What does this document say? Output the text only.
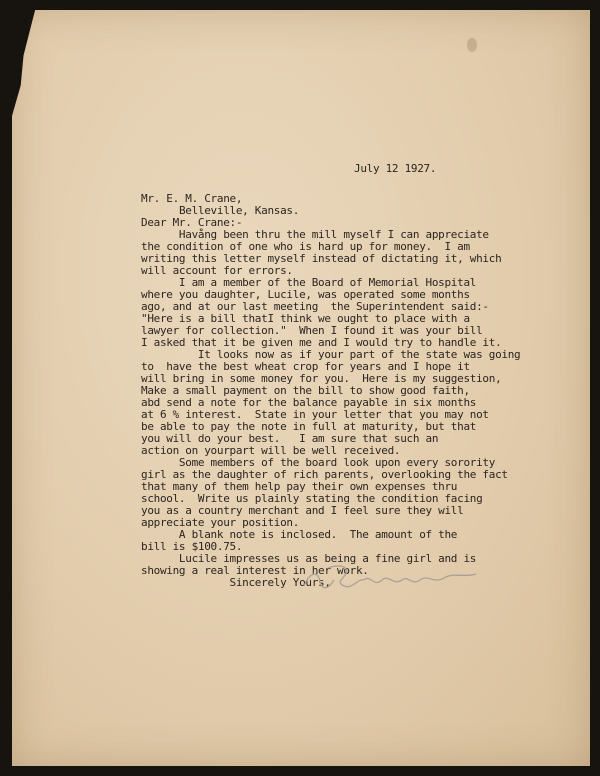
July 12 1927.
Mr. E. M. Crane,
Belleville, Kansas.
Dear Mr. Crane:-
Havång been thru the mill myself I can appreciate
the condition of one who is hard up for money.  I am
writing this letter myself instead of dictating it, which
will account for errors.
I am a member of the Board of Memorial Hospital
where you daughter, Lucile, was operated some months
ago, and at our last meeting  the Superintendent said:-
"Here is a bill thatI think we ought to place with a
lawyer for collection."  When I found it was your bill
I asked that it be given me and I would try to handle it.
It looks now as if your part of the state was going
to  have the best wheat crop for years and I hope it
will bring in some money for you.  Here is my suggestion,
Make a small payment on the bill to show good faith,
abd send a note for the balance payable in six months
at 6 % interest.  State in your letter that you may not
be able to pay the note in full at maturity, but that
you will do your best.   I am sure that such an
action on yourpart will be well received.
Some members of the board look upon every sorority
girl as the daughter of rich parents, overlooking the fact
that many of them help pay their own expenses thru
school.  Write us plainly stating the condition facing
you as a country merchant and I feel sure they will
appreciate your position.
A blank note is inclosed.  The amount of the
bill is $100.75.
Lucile impresses us as being a fine girl and is
showing a real interest in her work.
Sincerely Yours,
